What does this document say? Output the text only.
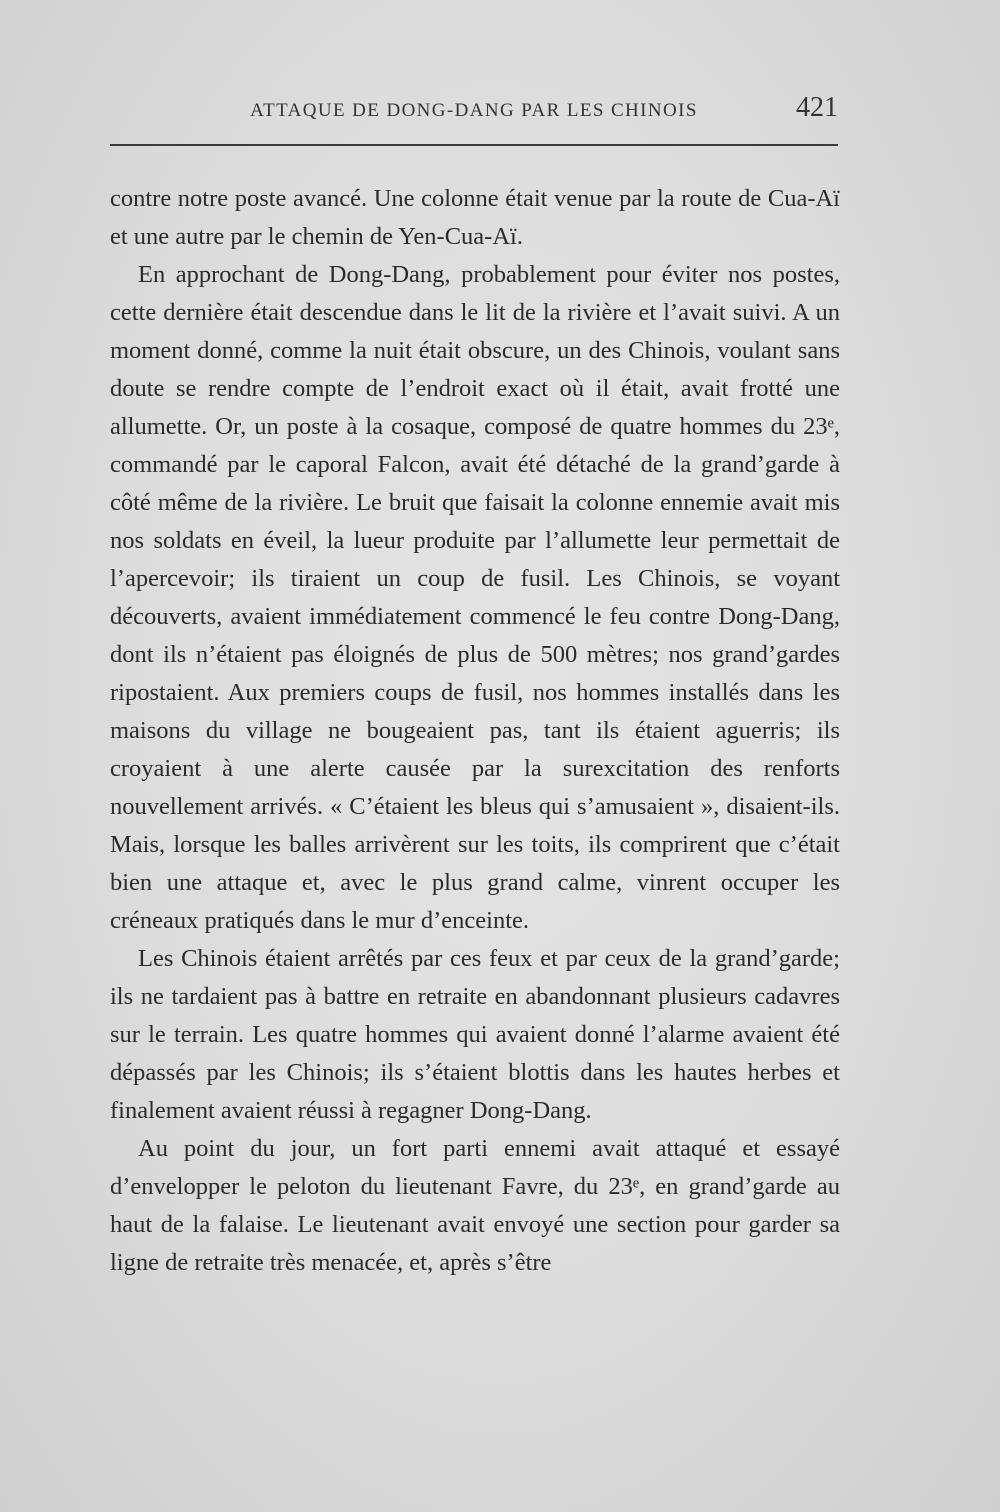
ATTAQUE DE DONG-DANG PAR LES CHINOIS	421

contre notre poste avancé. Une colonne était venue par la route de Cua-Aï et une autre par le chemin de Yen-Cua-Aï.

En approchant de Dong-Dang, probablement pour éviter nos postes, cette dernière était descendue dans le lit de la rivière et l’avait suivi. A un moment donné, comme la nuit était obscure, un des Chinois, voulant sans doute se rendre compte de l’endroit exact où il était, avait frotté une allumette. Or, un poste à la cosaque, composé de quatre hommes du 23ᵉ, commandé par le caporal Falcon, avait été détaché de la grand’garde à côté même de la rivière. Le bruit que faisait la colonne ennemie avait mis nos soldats en éveil, la lueur produite par l’allumette leur permettait de l’apercevoir; ils tiraient un coup de fusil. Les Chinois, se voyant découverts, avaient immédiatement commencé le feu contre Dong-Dang, dont ils n’étaient pas éloignés de plus de 500 mètres; nos grand’gardes ripostaient. Aux premiers coups de fusil, nos hommes installés dans les maisons du village ne bougeaient pas, tant ils étaient aguerris; ils croyaient à une alerte causée par la surexcitation des renforts nouvellement arrivés. « C’étaient les bleus qui s’amusaient », disaient-ils. Mais, lorsque les balles arrivèrent sur les toits, ils comprirent que c’était bien une attaque et, avec le plus grand calme, vinrent occuper les créneaux pratiqués dans le mur d’enceinte.

Les Chinois étaient arrêtés par ces feux et par ceux de la grand’garde; ils ne tardaient pas à battre en retraite en abandonnant plusieurs cadavres sur le terrain. Les quatre hommes qui avaient donné l’alarme avaient été dépassés par les Chinois; ils s’étaient blottis dans les hautes herbes et finalement avaient réussi à regagner Dong-Dang.

Au point du jour, un fort parti ennemi avait attaqué et essayé d’envelopper le peloton du lieutenant Favre, du 23ᵉ, en grand’garde au haut de la falaise. Le lieutenant avait envoyé une section pour garder sa ligne de retraite très menacée, et, après s’être
